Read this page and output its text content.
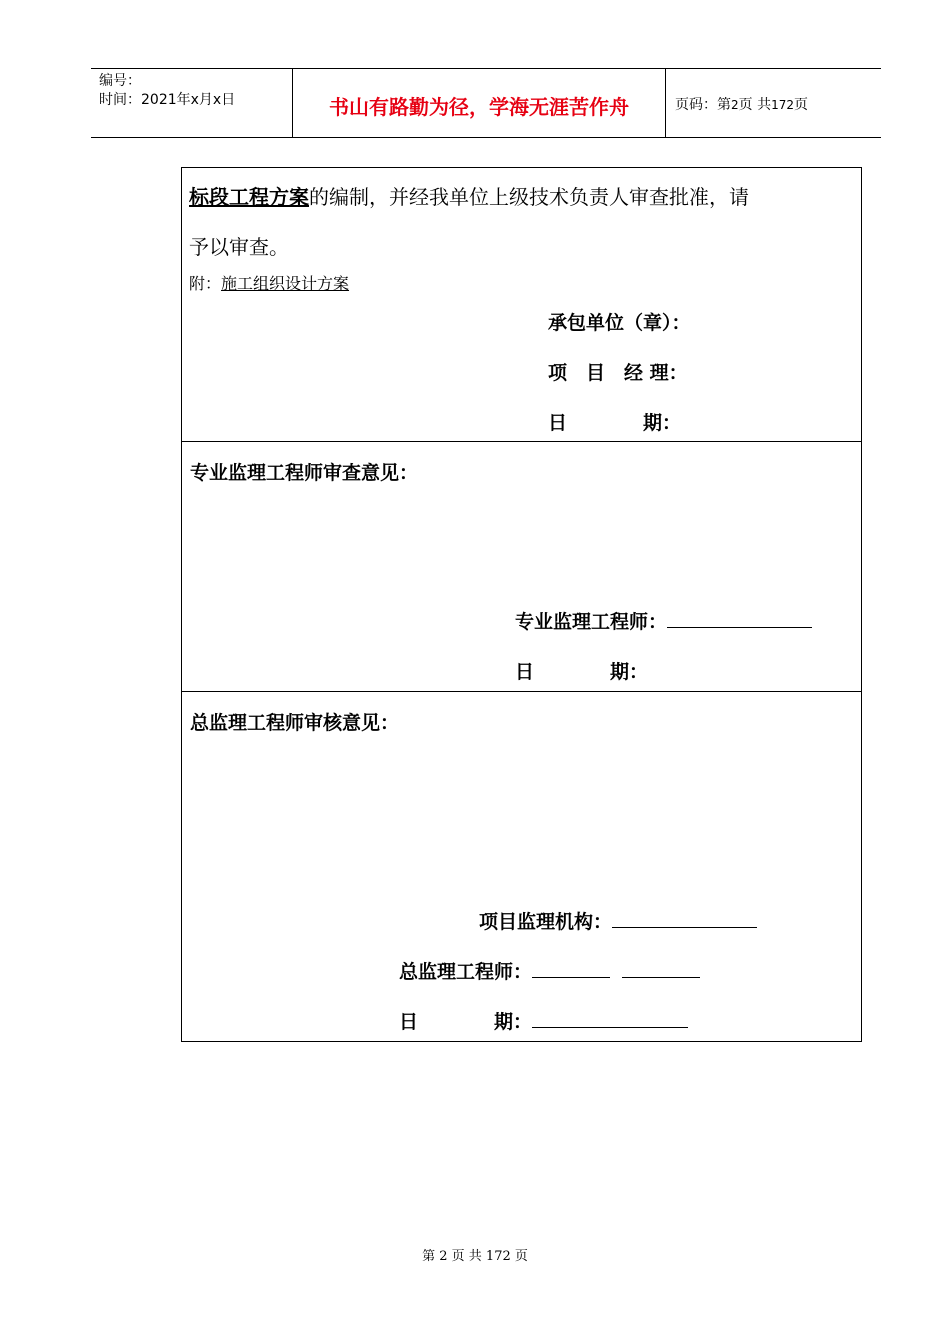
编号：
时间：2021年x月x日	书山有路勤为径，学海无涯苦作舟	页码：第2页 共172页
标段工程方案的编制，并经我单位上级技术负责人审查批准，请
予以审查。
附：施工组织设计方案
承包单位（章）：
项　目　经 理：
日　　　　期：
专业监理工程师审查意见：
专业监理工程师：
日　　　　期：
总监理工程师审核意见：
项目监理机构：
总监理工程师：
日　　　　期：
第 2 页 共 172 页
